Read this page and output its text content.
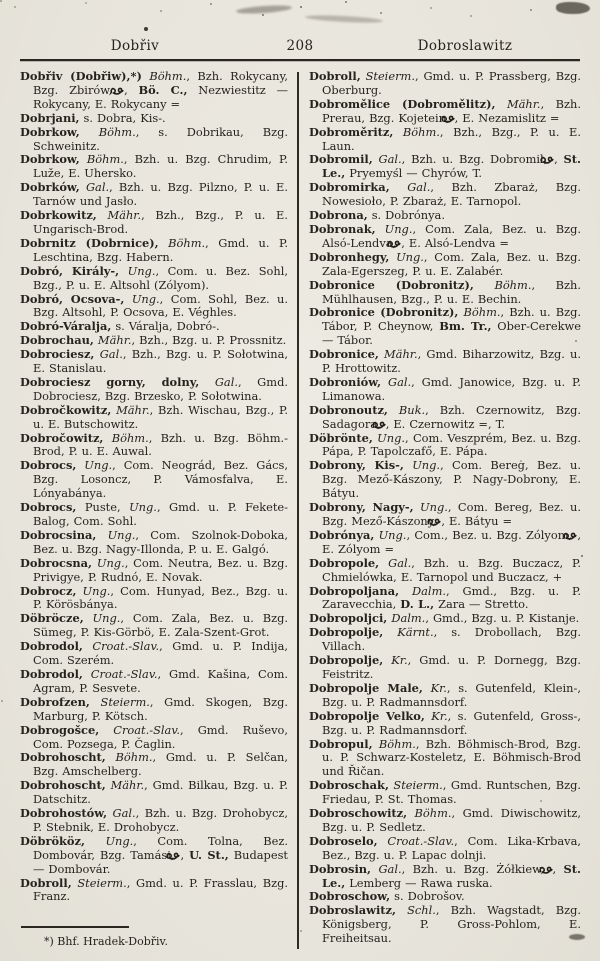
Dobřiv	208	Dobroslawitz

Dobřiv (Dobřiw),*) Böhm., Bzh. Rokycany, Bzg. Zbirów, , Bö. C., Nezwiestitz — Rokycany, E. Rokycany =

Dobrjani, s. Dobra, Kis-.

Dobrkow, Böhm., s. Dobrikau, Bzg. Schweinitz.

Dobrkow, Böhm., Bzh. u. Bzg. Chrudim, P. Luže, E. Uhersko.

Dobrków, Gal., Bzh. u. Bzg. Pilzno, P. u. E. Tarnów und Jasło.

Dobrkowitz, Mähr., Bzh., Bzg., P. u. E. Ungarisch-Brod.

Dobrnitz (Dobrnice), Böhm., Gmd. u. P. Leschtina, Bzg. Habern.

Dobró, Király-, Ung., Com. u. Bez. Sohl, Bzg., P. u. E. Altsohl (Zólyom).

Dobró, Ocsova-, Ung., Com. Sohl, Bez. u. Bzg. Altsohl, P. Ocsova, E. Véghles.

Dobró-Váralja, s. Váralja, Dobró-.

Dobrochau, Mähr., Bzh., Bzg. u. P. Prossnitz.

Dobrociesz, Gal., Bzh., Bzg. u. P. Sołotwina, E. Stanislau.

Dobrociesz gorny, dolny, Gal., Gmd. Dobrociesz, Bzg. Brzesko, P. Sołotwina.

Dobročkowitz, Mähr., Bzh. Wischau, Bzg., P. u. E. Butschowitz.

Dobročowitz, Böhm., Bzh. u. Bzg. Böhm.-Brod, P. u. E. Auwal.

Dobrocs, Ung., Com. Neográd, Bez. Gács, Bzg. Losoncz, P. Vámosfalva, E. Lónyabánya.

Dobrocs, Puste, Ung., Gmd. u. P. Fekete-Balog, Com. Sohl.

Dobrocsina, Ung., Com. Szolnok-Doboka, Bez. u. Bzg. Nagy-Illonda, P. u. E. Galgó.

Dobrocsna, Ung., Com. Neutra, Bez. u. Bzg. Privigye, P. Rudnó, E. Novak.

Dobrocz, Ung., Com. Hunyad, Bez., Bzg. u. P. Körösbánya.

Döbröcze, Ung., Com. Zala, Bez. u. Bzg. Sümeg, P. Kis-Görbö, E. Zala-Szent-Grot.

Dobrodol, Croat.-Slav., Gmd. u. P. Indija, Com. Szerém.

Dobrodol, Croat.-Slav., Gmd. Kašina, Com. Agram, P. Sesvete.

Dobrofzen, Steierm., Gmd. Skogen, Bzg. Marburg, P. Kötsch.

Dobrogošce, Croat.-Slav., Gmd. Ruševo, Com. Pozsega, P. Čaglin.

Dobrohoscht, Böhm., Gmd. u. P. Selčan, Bzg. Amschelberg.

Dobrohoscht, Mähr., Gmd. Bilkau, Bzg. u. P. Datschitz.

Dobrohostów, Gal., Bzh. u. Bzg. Drohobycz, P. Stebnik, E. Drohobycz.

Döbrököz, Ung., Com. Tolna, Bez. Dombovár, Bzg. Tamási, , U. St., Budapest — Dombovár.

Dobroll, Steierm., Gmd. u. P. Frasslau, Bzg. Franz.

*) Bhf. Hradek-Dobřiv.

Dobroll, Steierm., Gmd. u. P. Prassberg, Bzg. Oberburg.

Dobromělice (Dobromělitz), Mähr., Bzh. Prerau, Bzg. Kojetein, , E. Nezamislitz =

Dobroměritz, Böhm., Bzh., Bzg., P. u. E. Laun.

Dobromil, Gal., Bzh. u. Bzg. Dobromil, , St. Le., Pryemyśl — Chyrów, T.

Dobromirka, Gal., Bzh. Zbaraż, Bzg. Nowesioło, P. Zbaraż, E. Tarnopol.

Dobrona, s. Dobrónya.

Dobronak, Ung., Com. Zala, Bez. u. Bzg. Alsó-Lendva, , E. Alsó-Lendva =

Dobronhegy, Ung., Com. Zala, Bez. u. Bzg. Zala-Egerszeg, P. u. E. Zalabér.

Dobronice (Dobronitz), Böhm., Bzh. Mühlhausen, Bzg., P. u. E. Bechin.

Dobronice (Dobronitz), Böhm., Bzh. u. Bzg. Tábor, P. Cheynow, Bm. Tr., Ober-Cerekwe — Tábor.

Dobronice, Mähr., Gmd. Biharzowitz, Bzg. u. P. Hrottowitz.

Dobroniów, Gal., Gmd. Janowice, Bzg. u. P. Limanowa.

Dobronoutz, Buk., Bzh. Czernowitz, Bzg. Sadagora, , E. Czernowitz =, T.

Döbrönte, Ung., Com. Veszprém, Bez. u. Bzg. Pápa, P. Tapolczafő, E. Pápa.

Dobrony, Kis-, Ung., Com. Bereg, Bez. u. Bzg. Mező-Kászony, P. Nagy-Dobrony, E. Bátyu.

Dobrony, Nagy-, Ung., Com. Bereg, Bez. u. Bzg. Mező-Kászony, , E. Bátyu =

Dobrónya, Ung., Com., Bez. u. Bzg. Zólyom, , E. Zólyom =

Dobropole, Gal., Bzh. u. Bzg. Buczacz, P. Chmielówka, E. Tarnopol und Buczacz, +

Dobropoljana, Dalm., Gmd., Bzg. u. P. Zaravecchia, D. L., Zara — Stretto.

Dobropoljci, Dalm., Gmd., Bzg. u. P. Kistanje.

Dobropolje, Kärnt., s. Drobollach, Bzg. Villach.

Dobropolje, Kr., Gmd. u. P. Dornegg, Bzg. Feistritz.

Dobropolje Male, Kr., s. Gutenfeld, Klein-, Bzg. u. P. Radmannsdorf.

Dobropolje Velko, Kr., s. Gutenfeld, Gross-, Bzg. u. P. Radmannsdorf.

Dobropul, Böhm., Bzh. Böhmisch-Brod, Bzg. u. P. Schwarz-Kosteletz, E. Böhmisch-Brod und Řičan.

Dobroschak, Steierm., Gmd. Runtschen, Bzg. Friedau, P. St. Thomas.

Dobroschowitz, Böhm., Gmd. Diwischowitz, Bzg. u. P. Sedletz.

Dobroselo, Croat.-Slav., Com. Lika-Krbava, Bez., Bzg. u. P. Lapac dolnji.

Dobrosin, Gal., Bzh. u. Bzg. Żółkiew, , St. Le., Lemberg — Rawa ruska.

Dobroschow, s. Dobrošov.

Dobroslawitz, Schl., Bzh. Wagstadt, Bzg. Königsberg, P. Gross-Pohlom, E. Freiheitsau.
